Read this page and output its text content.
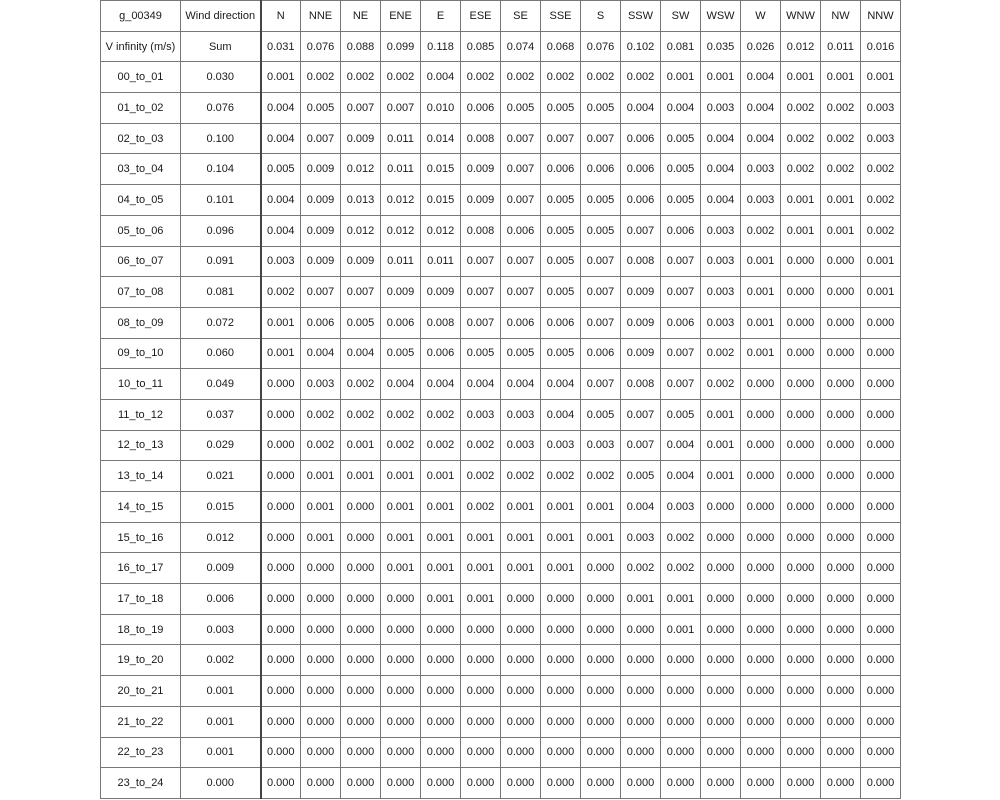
g_00349	Wind direction	N	NNE	NE	ENE	E	ESE	SE	SSE	S	SSW	SW	WSW	W	WNW	NW	NNW
V infinity (m/s)	Sum	0.031	0.076	0.088	0.099	0.118	0.085	0.074	0.068	0.076	0.102	0.081	0.035	0.026	0.012	0.011	0.016
00_to_01	0.030	0.001	0.002	0.002	0.002	0.004	0.002	0.002	0.002	0.002	0.002	0.001	0.001	0.004	0.001	0.001	0.001
01_to_02	0.076	0.004	0.005	0.007	0.007	0.010	0.006	0.005	0.005	0.005	0.004	0.004	0.003	0.004	0.002	0.002	0.003
02_to_03	0.100	0.004	0.007	0.009	0.011	0.014	0.008	0.007	0.007	0.007	0.006	0.005	0.004	0.004	0.002	0.002	0.003
03_to_04	0.104	0.005	0.009	0.012	0.011	0.015	0.009	0.007	0.006	0.006	0.006	0.005	0.004	0.003	0.002	0.002	0.002
04_to_05	0.101	0.004	0.009	0.013	0.012	0.015	0.009	0.007	0.005	0.005	0.006	0.005	0.004	0.003	0.001	0.001	0.002
05_to_06	0.096	0.004	0.009	0.012	0.012	0.012	0.008	0.006	0.005	0.005	0.007	0.006	0.003	0.002	0.001	0.001	0.002
06_to_07	0.091	0.003	0.009	0.009	0.011	0.011	0.007	0.007	0.005	0.007	0.008	0.007	0.003	0.001	0.000	0.000	0.001
07_to_08	0.081	0.002	0.007	0.007	0.009	0.009	0.007	0.007	0.005	0.007	0.009	0.007	0.003	0.001	0.000	0.000	0.001
08_to_09	0.072	0.001	0.006	0.005	0.006	0.008	0.007	0.006	0.006	0.007	0.009	0.006	0.003	0.001	0.000	0.000	0.000
09_to_10	0.060	0.001	0.004	0.004	0.005	0.006	0.005	0.005	0.005	0.006	0.009	0.007	0.002	0.001	0.000	0.000	0.000
10_to_11	0.049	0.000	0.003	0.002	0.004	0.004	0.004	0.004	0.004	0.007	0.008	0.007	0.002	0.000	0.000	0.000	0.000
11_to_12	0.037	0.000	0.002	0.002	0.002	0.002	0.003	0.003	0.004	0.005	0.007	0.005	0.001	0.000	0.000	0.000	0.000
12_to_13	0.029	0.000	0.002	0.001	0.002	0.002	0.002	0.003	0.003	0.003	0.007	0.004	0.001	0.000	0.000	0.000	0.000
13_to_14	0.021	0.000	0.001	0.001	0.001	0.001	0.002	0.002	0.002	0.002	0.005	0.004	0.001	0.000	0.000	0.000	0.000
14_to_15	0.015	0.000	0.001	0.000	0.001	0.001	0.002	0.001	0.001	0.001	0.004	0.003	0.000	0.000	0.000	0.000	0.000
15_to_16	0.012	0.000	0.001	0.000	0.001	0.001	0.001	0.001	0.001	0.001	0.003	0.002	0.000	0.000	0.000	0.000	0.000
16_to_17	0.009	0.000	0.000	0.000	0.001	0.001	0.001	0.001	0.001	0.000	0.002	0.002	0.000	0.000	0.000	0.000	0.000
17_to_18	0.006	0.000	0.000	0.000	0.000	0.001	0.001	0.000	0.000	0.000	0.001	0.001	0.000	0.000	0.000	0.000	0.000
18_to_19	0.003	0.000	0.000	0.000	0.000	0.000	0.000	0.000	0.000	0.000	0.000	0.001	0.000	0.000	0.000	0.000	0.000
19_to_20	0.002	0.000	0.000	0.000	0.000	0.000	0.000	0.000	0.000	0.000	0.000	0.000	0.000	0.000	0.000	0.000	0.000
20_to_21	0.001	0.000	0.000	0.000	0.000	0.000	0.000	0.000	0.000	0.000	0.000	0.000	0.000	0.000	0.000	0.000	0.000
21_to_22	0.001	0.000	0.000	0.000	0.000	0.000	0.000	0.000	0.000	0.000	0.000	0.000	0.000	0.000	0.000	0.000	0.000
22_to_23	0.001	0.000	0.000	0.000	0.000	0.000	0.000	0.000	0.000	0.000	0.000	0.000	0.000	0.000	0.000	0.000	0.000
23_to_24	0.000	0.000	0.000	0.000	0.000	0.000	0.000	0.000	0.000	0.000	0.000	0.000	0.000	0.000	0.000	0.000	0.000
